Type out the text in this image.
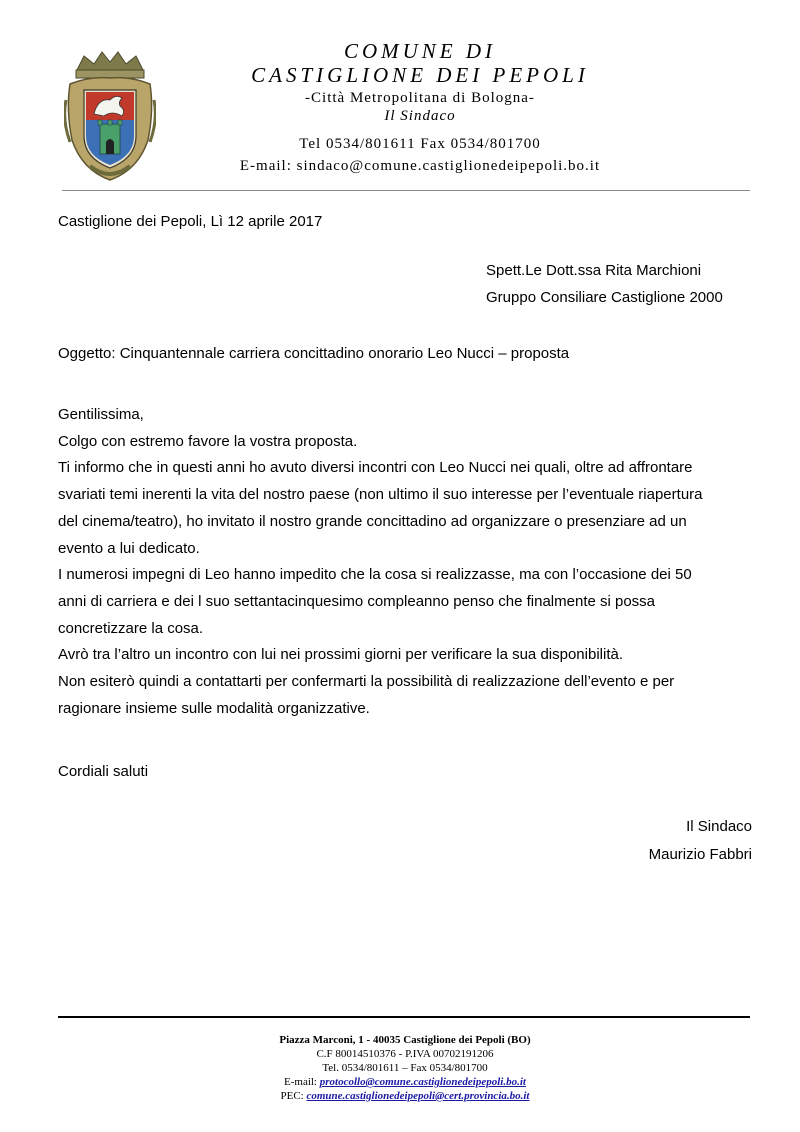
COMUNE DI
CASTIGLIONE DEI PEPOLI
-Città Metropolitana di Bologna-
Il Sindaco
Tel 0534/801611 Fax 0534/801700
E-mail: sindaco@comune.castiglionedeipepoli.bo.it
Castiglione dei Pepoli, Lì 12 aprile 2017
Spett.Le Dott.ssa Rita Marchioni
Gruppo Consiliare Castiglione 2000
Oggetto: Cinquantennale carriera concittadino onorario Leo Nucci – proposta
Gentilissima,
Colgo con estremo favore la vostra proposta.
Ti informo che in questi anni ho avuto diversi incontri con Leo Nucci nei quali, oltre ad affrontare
svariati temi inerenti la vita del nostro paese (non ultimo il suo interesse per l’eventuale riapertura
del cinema/teatro), ho invitato il nostro grande concittadino ad organizzare o presenziare ad un
evento a lui dedicato.
I numerosi impegni di Leo hanno impedito che la cosa si realizzasse, ma con l’occasione dei 50
anni di carriera e dei l suo settantacinquesimo compleanno penso che finalmente si possa
concretizzare la cosa.
Avrò tra l’altro un incontro con lui nei prossimi giorni per verificare la sua disponibilità.
Non esiterò quindi a contattarti per confermarti la possibilità di realizzazione dell’evento e per
ragionare insieme sulle modalità organizzative.
Cordiali saluti
Il Sindaco
Maurizio Fabbri
Piazza Marconi, 1 - 40035 Castiglione dei Pepoli (BO)
C.F 80014510376 - P.IVA 00702191206
Tel. 0534/801611 – Fax 0534/801700
E-mail: protocollo@comune.castiglionedeipepoli.bo.it
PEC: comune.castiglionedeipepoli@cert.provincia.bo.it
